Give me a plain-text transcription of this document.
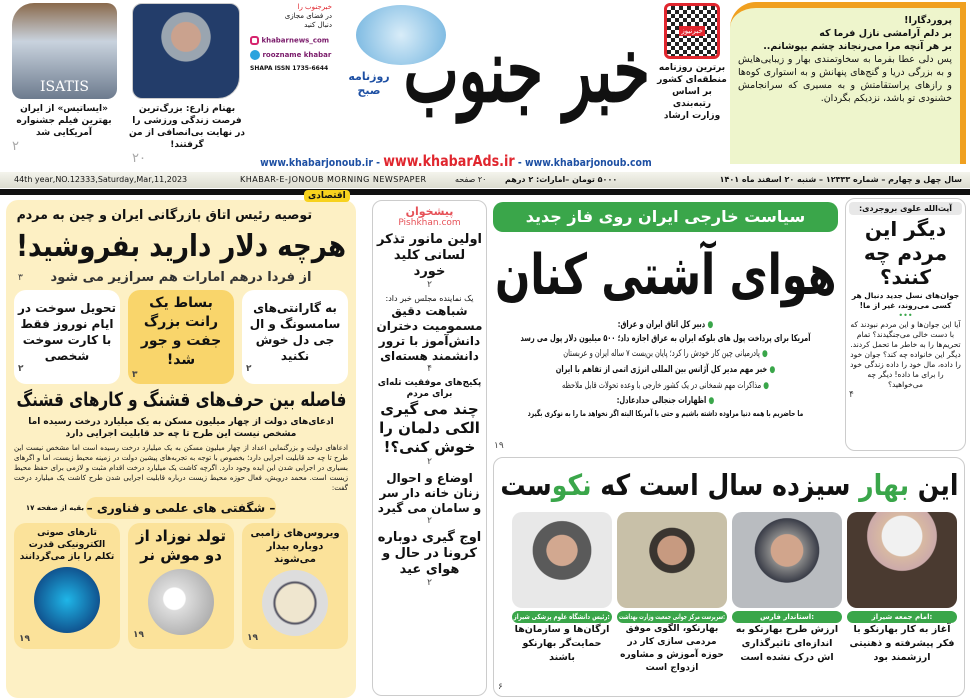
ISATIS
«ایساتیس» از ایران بهترین فیلم جشنواره آمریکایی شد
۲
بهنام زارع: بزرگ‌ترین فرصت زندگی ورزشی را در نهایت بی‌انصافی از من گرفتند!
۲۰
خبرجنوب را
در فضای مجازی
دنبال کنید
khabarnews_com
roozname khabar
SHAPA ISSN 1735-6644
روزنامه صبح خبر جنوب	خبرنیوز
برترین روزنامه
منطقه‌ای کشور
بر اساس
رتبه‌بندی
وزارت ارشاد
پروردگارا!
بر دلم آرامشی نازل فرما که
بر هر آنچه مرا می‌رنجاند چشم بپوشانم..
پس دلی عطا بفرما به سخاوتمندی بهار و زیبایی‌هایش و به بزرگی دریا و گنج‌های پنهانش و به استواری کوه‌ها و رازهای پراستقامتش و به مسیری که سرانجامش خشنودی تو باشد، نزدیکم بگردان.
www.khabarjonoub.ir - www.khabarAds.ir - www.khabarjonoub.com
44th year,NO.12333,Saturday,Mar,11,2023	KHABAR-E-JONOUB MORNING NEWSPAPER	۲۰ صفحه ۵۰۰۰ تومان –امارات: ۲ درهم	سال چهل و چهارم – شماره ۱۲۳۳۳ – شنبه ۲۰ اسفند ماه ۱۴۰۱
توصیه رئیس اتاق بازرگانی ایران و چین به مردم
هرچه دلار دارید بفروشید!
از فردا درهم امارات هم سرازیر می شود
۳
به گارانتی‌های سامسونگ و ال جی دل خوش نکنید
۲
بساط یک رانت بزرگ جفت و جور شد!
۳
تحویل سوخت در ایام نوروز فقط با کارت سوخت شخصی
۲
فاصله بین حرف‌های قشنگ و کارهای قشنگ
ادعای‌های دولت از چهار میلیون مسکن به یک میلیارد درخت رسیده اما مشخص نیست این طرح تا چه حد قابلیت اجرایی دارد
ادعاهای دولت و بزرگنمایی اعداد از چهار میلیون مسکن به یک میلیارد درخت رسیده است اما مشخص نیست این طرح تا چه حد قابلیت اجرایی دارد؛ بخصوص با توجه به تجربه‌های پیشین دولت در زمینه محیط زیست، اما و اگرهای بسیاری در اجرایی شدن این ایده وجود دارد. اگرچه کاشت یک میلیارد درخت اقدام مثبت و لازمی برای حفظ محیط زیست است. محمد درویش، فعال حوزه محیط زیست درباره قابلیت اجرایی شدن طرح کاشت یک میلیارد درخت گفت:
بقیه از صفحه ۱۷	– شگفتی های علمی و فناوری –
ویروس‌های زامبی دوباره بیدار می‌شوند
۱۹
تولد نوزاد از دو موش نر
۱۹
تارهای صوتی الکترونیکی قدرت تکلم را باز می‌گردانند
۱۹
اقتصادی
پیشخوان
Pishkhan.com
اولین مانور تذکر لسانی کلید خورد
۲
یک نماینده مجلس خبر داد:
شباهت دقیق مسمومیت دختران دانش‌آموز با ترور دانشمند هسته‌ای
۴
پکیج‌های موفقیت تله‌ای برای مردم
چند می گیری الکی دلمان را خوش کنی؟!
۲
اوضاع و احوال زنان خانه دار سر و سامان می گیرد
۲
اوج گیری دوباره کرونا در حال و هوای عید
۲
سیاست خارجی ایران روی فاز جدید
هوای آشتی کنان
● دبیر کل اتاق ایران و عراق:
آمریکا برای پرداخت پول های بلوکه ایران به عراق اجازه داد؛ ۵۰۰ میلیون دلار پول می رسد
● پادرمیانی چین کار خودش را کرد؛ پایان بن‌بست ۷ ساله ایران و عربستان
● خبر مهم مدیر کل آژانس بین المللی انرژی اتمی از تفاهم با ایران
● مذاکرات مهم شمخانی در یک کشور خارجی با وعده تحولات قابل ملاحظه
● اظهارات جنجالی حدادعادل:
ما حاضریم با همه دنیا مراوده داشته باشیم و حتی با آمریکا البته اگر نخواهد ما را به نوکری بگیرد
۱۹
آیت‌الله علوی بروجردی:
دیگر این مردم چه کنند؟
جوان‌های نسل جدید دنبال هر کسی می‌روند، غیر از ما!
•••
آیا این جوان‌ها و این مردم نبودند که با دست خالی می‌جنگیدند؟ تمام تحریم‌ها را به خاطر ما تحمل کردند. دیگر این خانواده چه کند؟ جوان خود را داده، مال خود را داده زندگی خود را برای ما داده! دیگر چه می‌خواهید؟
۴
این بهار سیزده سال است که نکوست
امام جمعه شیراز:
آغاز به کار بهارنکو با فکر پیشرفته و ذهنیتی ارزشمند بود
استاندار فارس:
ارزش طرح بهارنکو به اندازه‌ای تاثیرگذاری اش درک نشده است
سرپرست مرکز جوانی جمعیت وزارت بهداشت:
بهارنکو، الگوی موفق مردمی سازی کار در حوزه آموزش و مشاوره ازدواج است
رئیس دانشگاه علوم پزشکی شیراز:
ارگان‌ها و سازمان‌ها حمایت‌گر بهارنکو باشند
۶
